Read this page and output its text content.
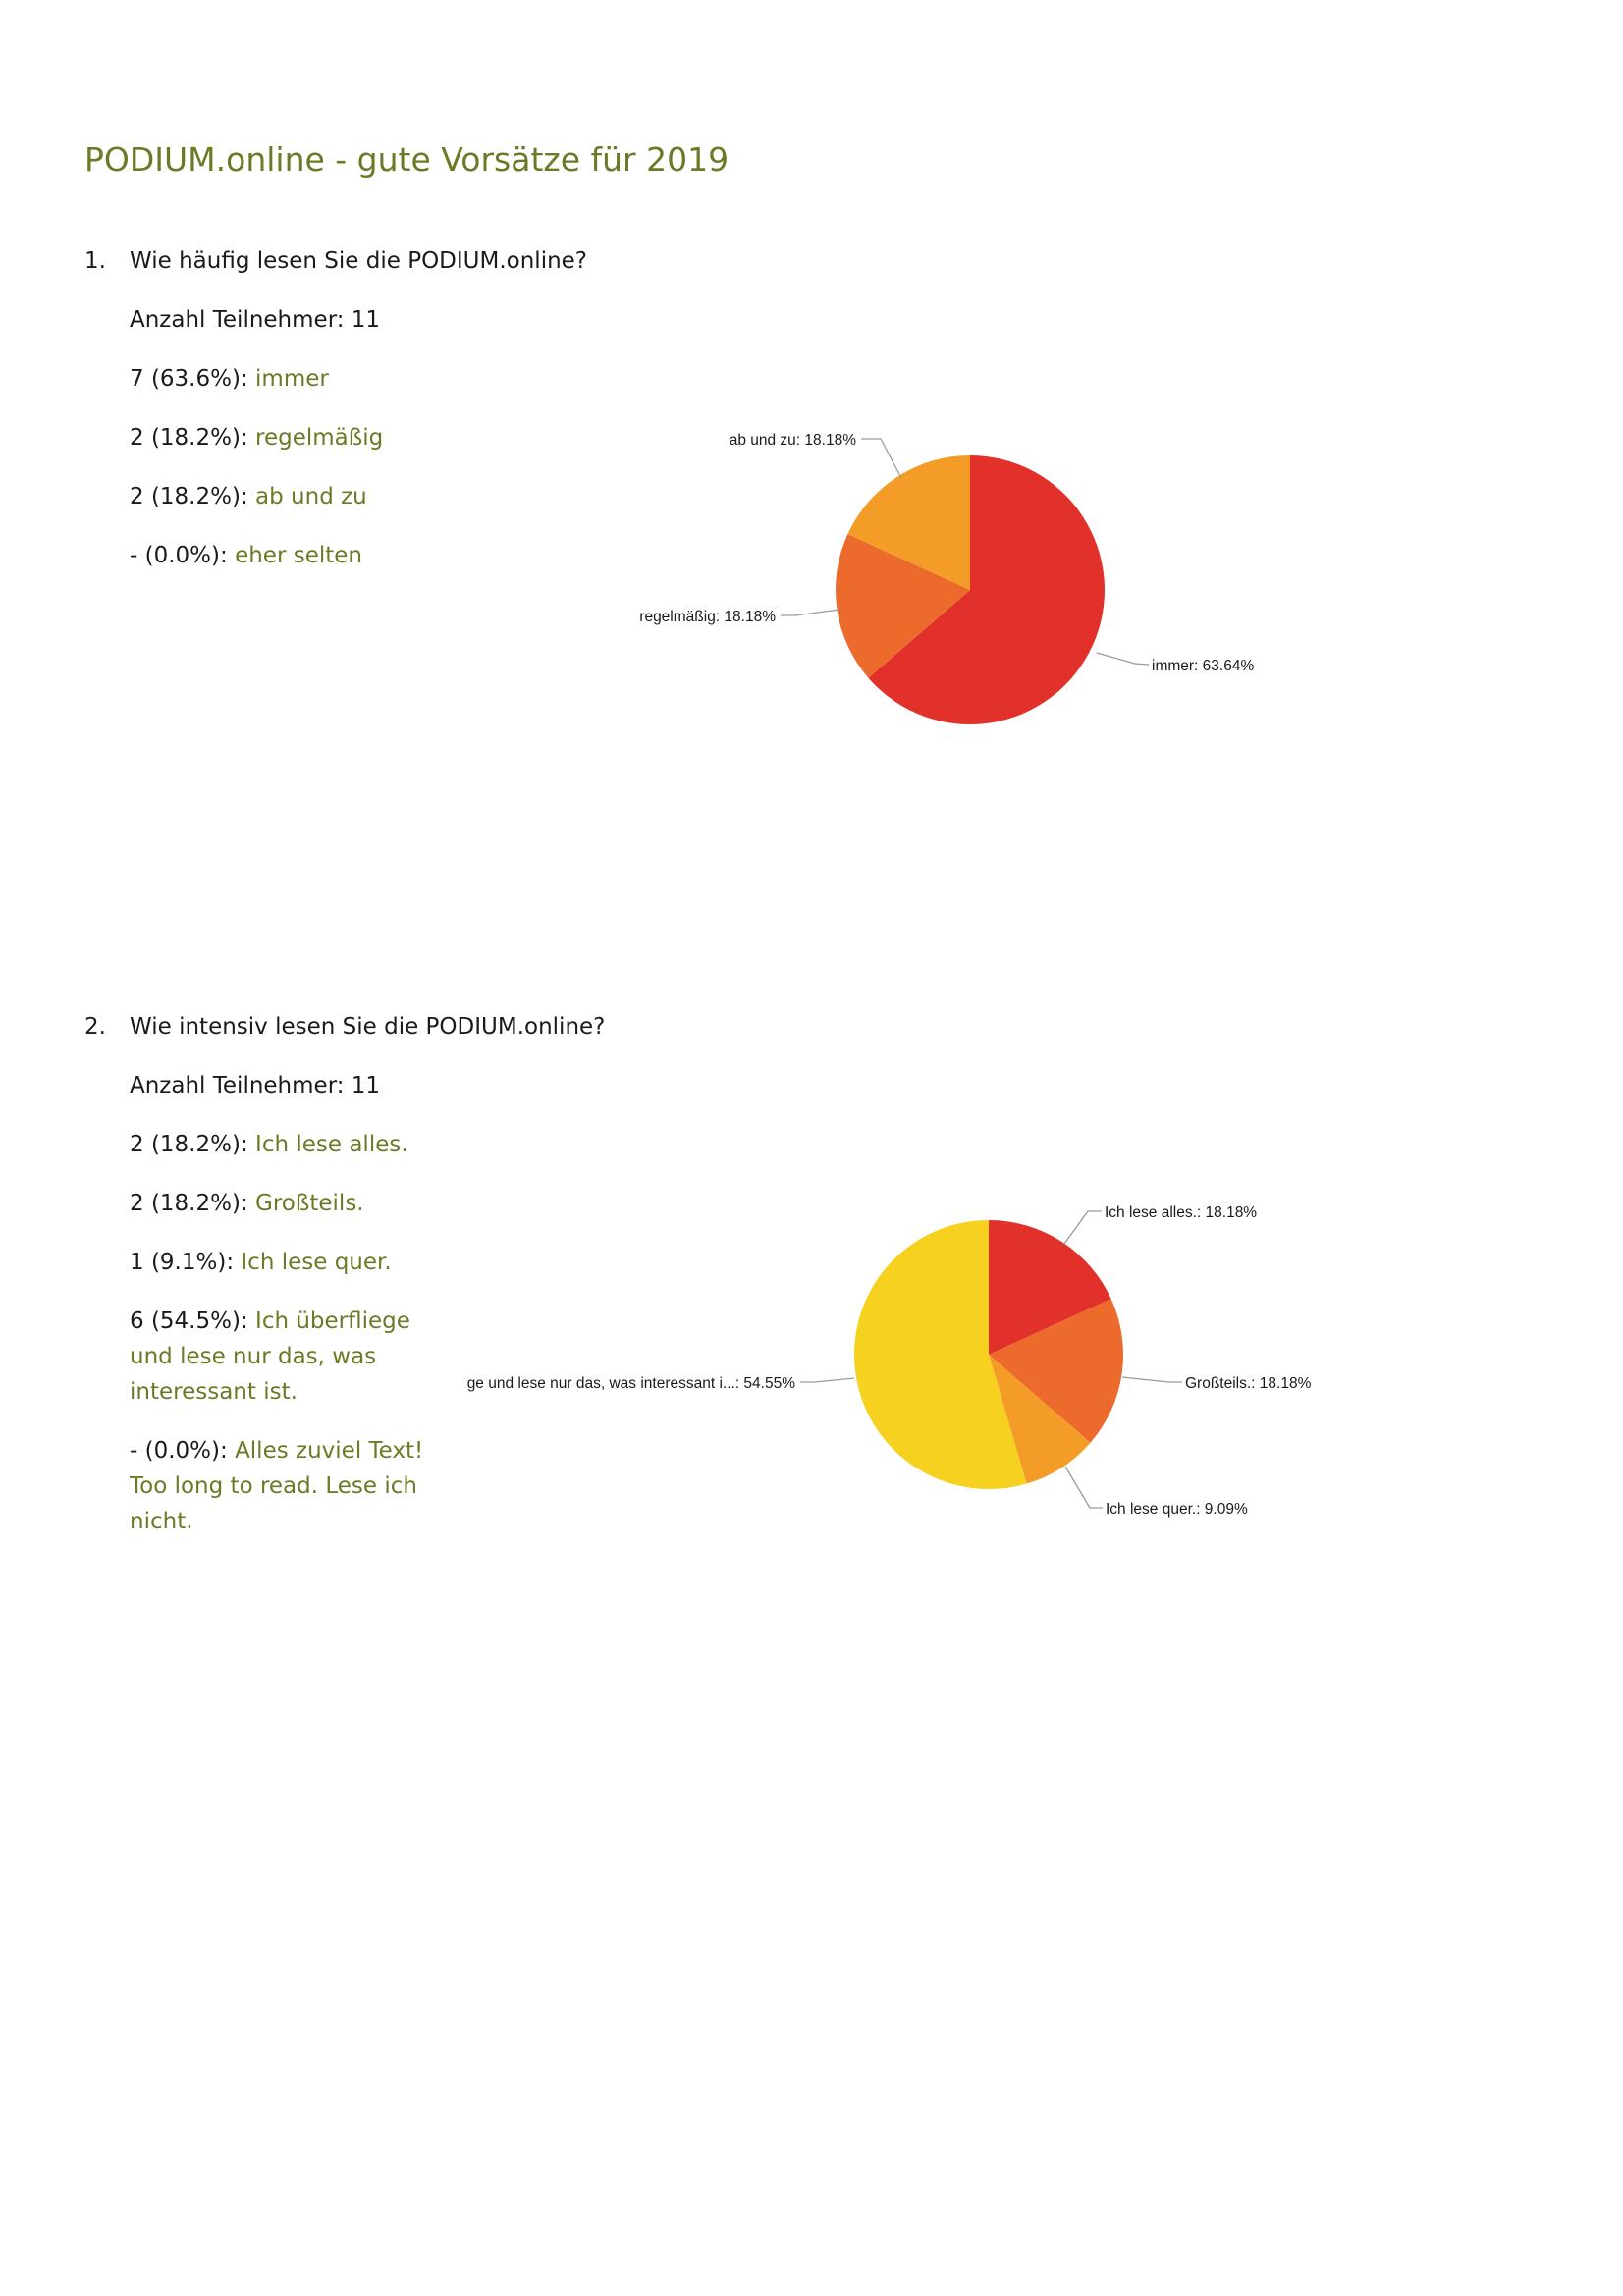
PODIUM.online - gute Vorsätze für 2019
1. Wie häufig lesen Sie die PODIUM.online?
Anzahl Teilnehmer: 11
7 (63.6%): immer
2 (18.2%): regelmäßig
2 (18.2%): ab und zu
- (0.0%): eher selten
immer: 63.64%
regelmäßig: 18.18%
ab und zu: 18.18%
2. Wie intensiv lesen Sie die PODIUM.online?
Anzahl Teilnehmer: 11
2 (18.2%): Ich lese alles.
2 (18.2%): Großteils.
1 (9.1%): Ich lese quer.
6 (54.5%): Ich überfliege und lese nur das, was interessant ist.
- (0.0%): Alles zuviel Text! Too long to read. Lese ich nicht.
Ich lese alles.: 18.18%
Großteils.: 18.18%
Ich lese quer.: 9.09%
ge und lese nur das, was interessant i...: 54.55%
